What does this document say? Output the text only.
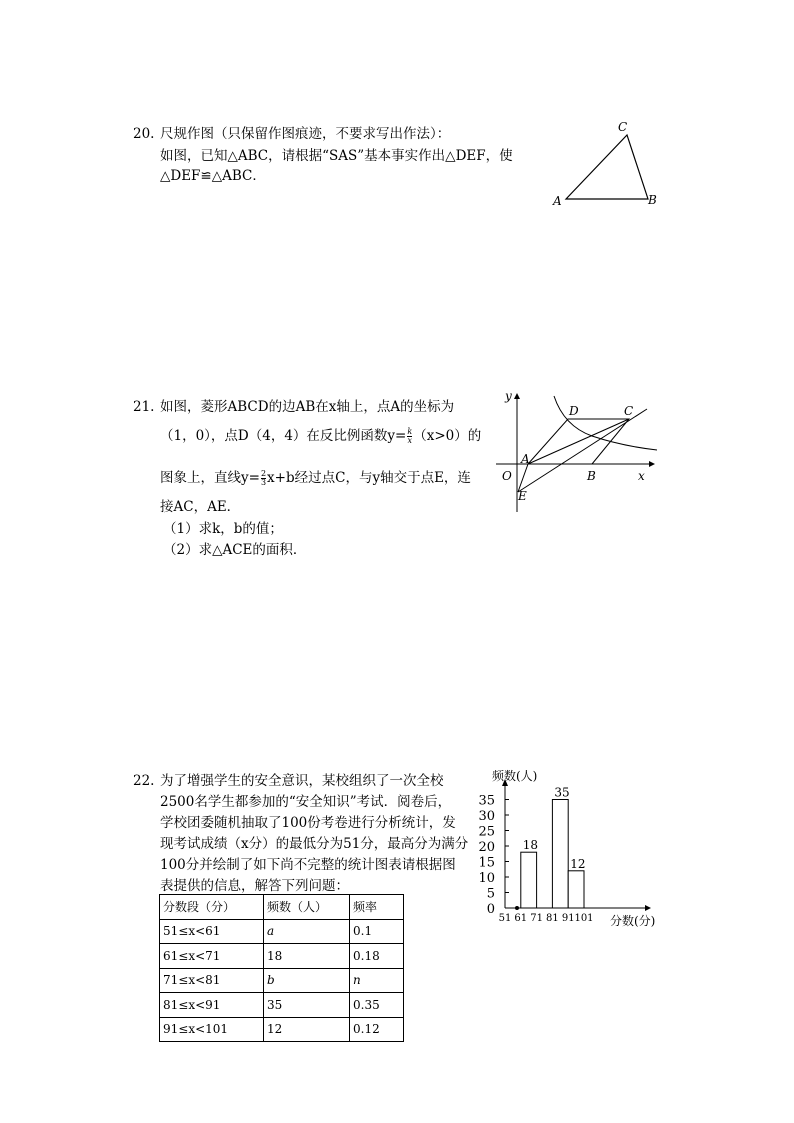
20. 尺规作图（只保留作图痕迹，不要求写出作法）：
如图，已知△ABC，请根据“SAS”基本事实作出△DEF，使
△DEF≌△ABC．
C
A	B
21. 如图，菱形ABCD的边AB在x轴上，点A的坐标为
（1，0），点D（4，4）在反比例函数$y= \frac{k}{x} (x>0)$的
图象上，直线$y= \frac{2}{3} x+b$经过点C，与y轴交于点E，连
接AC，AE．
（1）求k，b的值；
（2）求△ACE的面积．
y
x
O
A
B
C
D
E
22. 为了增强学生的安全意识，某校组织了一次全校
2500名学生都参加的“安全知识”考试．阅卷后，
学校团委随机抽取了100份考卷进行分析统计，发
现考试成绩（x分）的最低分为51分，最高分为满分
100分并绘制了如下尚不完整的统计图表请根据图
表提供的信息，解答下列问题：
分数段（分）	频数（人）	频率
51≤x<61	a	0.1
61≤x<71	18	0.18
71≤x<81	b	n
81≤x<91	35	0.35
91≤x<101	12	0.12
频数(人)
分数(分)
0
5
10
15
20
25
30
35
51 61 71 81 91 101
18
35
12
